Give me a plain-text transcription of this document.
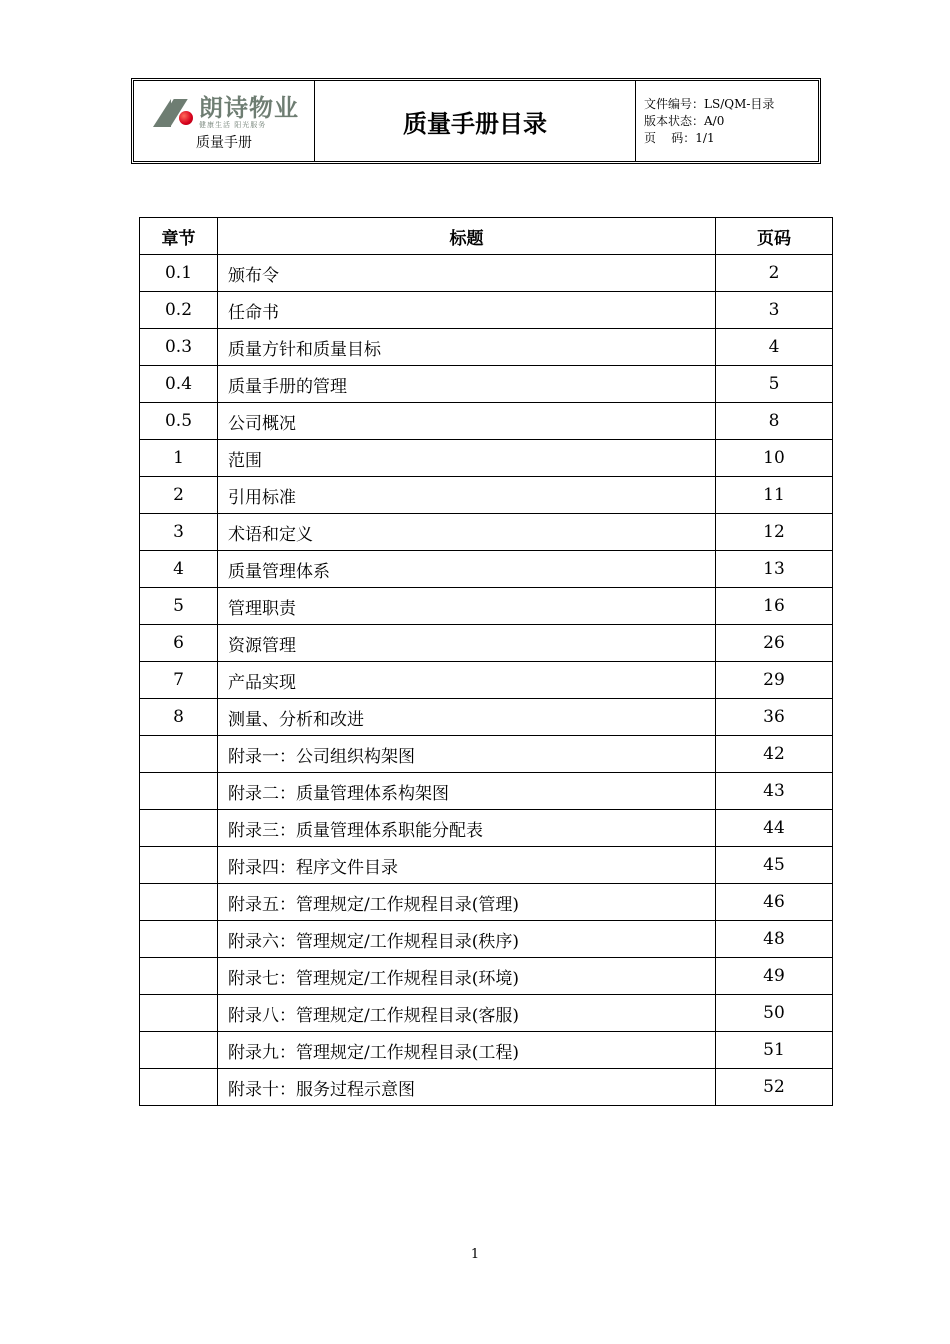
朗诗物业
健康生活 阳光服务
质量手册
	质量手册目录	
文件编号：LS/QM-目录
版本状态：A/0
页    码：1/1
章节	标题	页码
0.1	颁布令	2
0.2	任命书	3
0.3	质量方针和质量目标	4
0.4	质量手册的管理	5
0.5	公司概况	8
1	范围	10
2	引用标准	11
3	术语和定义	12
4	质量管理体系	13
5	管理职责	16
6	资源管理	26
7	产品实现	29
8	测量、分析和改进	36
	附录一：公司组织构架图	42
	附录二：质量管理体系构架图	43
	附录三：质量管理体系职能分配表	44
	附录四：程序文件目录	45
	附录五：管理规定/工作规程目录(管理)	46
	附录六：管理规定/工作规程目录(秩序)	48
	附录七：管理规定/工作规程目录(环境)	49
	附录八：管理规定/工作规程目录(客服)	50
	附录九：管理规定/工作规程目录(工程)	51
	附录十：服务过程示意图	52
1
